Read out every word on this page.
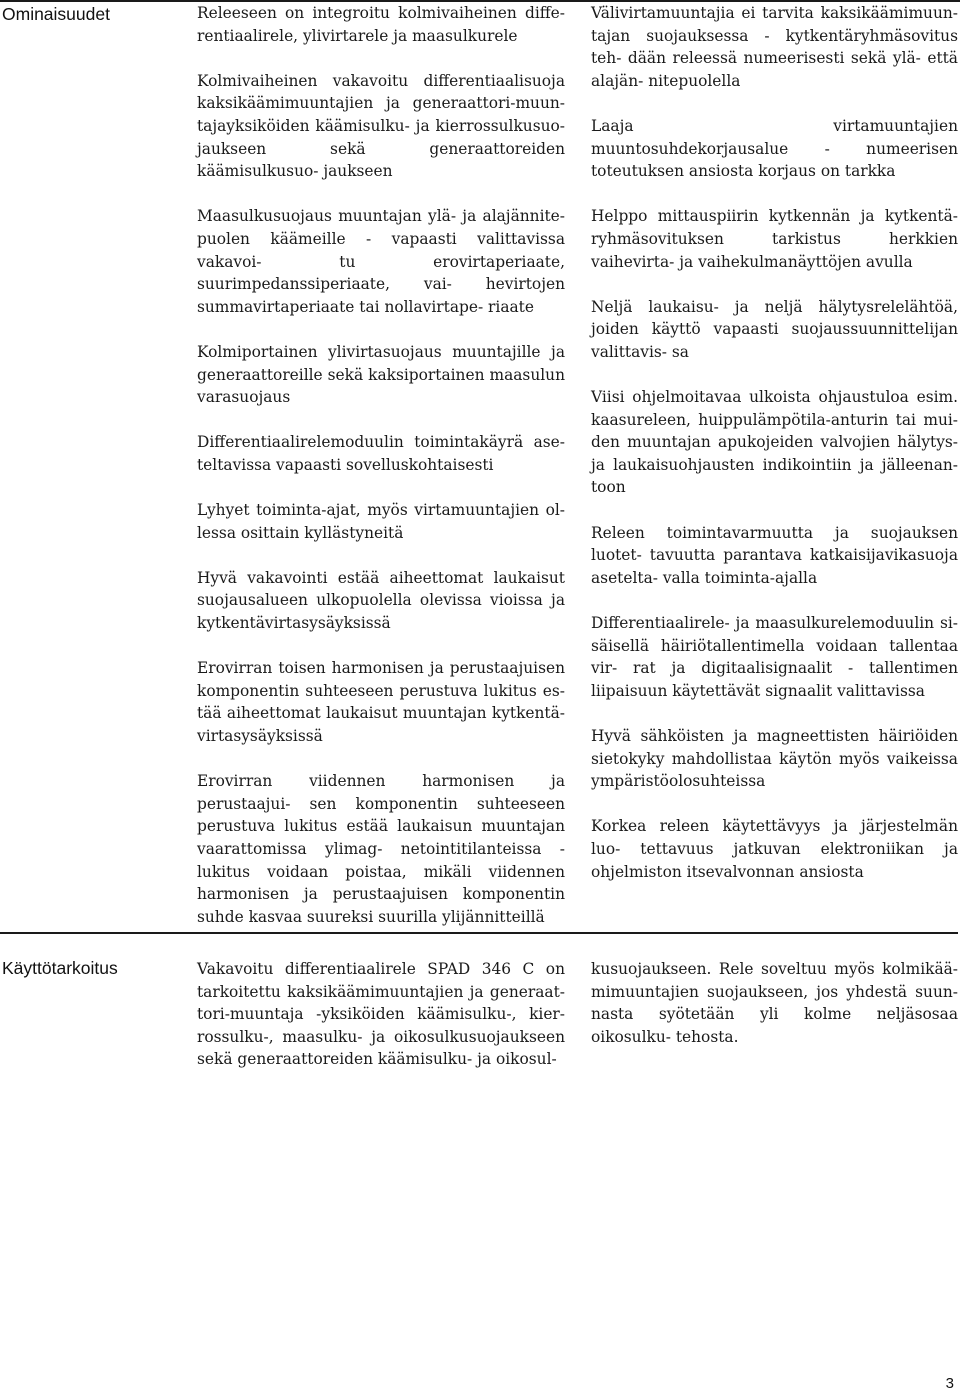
Ominaisuudet	Releeseen on integroitu kolmivaiheinen diffe- rentiaalirele, ylivirtarele ja maasulkurele

Kolmivaiheinen vakavoitu differentiaalisuoja kaksikäämimuuntajien ja generaattori-muun- tajayksiköiden käämisulku- ja kierrossulkusuo- jaukseen sekä generaattoreiden käämisulkusuo- jaukseen

Maasulkusuojaus muuntajan ylä- ja alajännite- puolen käämeille - vapaasti valittavissa vakavoi- tu erovirtaperiaate, suurimpedanssiperiaate, vai- hevirtojen summavirtaperiaate tai nollavirtape- riaate

Kolmiportainen ylivirtasuojaus muuntajille ja generaattoreille sekä kaksiportainen maasulun varasuojaus

Differentiaalirelemoduulin toimintakäyrä ase- teltavissa vapaasti sovelluskohtaisesti

Lyhyet toiminta-ajat, myös virtamuuntajien ol- lessa osittain kyllästyneitä

Hyvä vakavointi estää aiheettomat laukaisut suojausalueen ulkopuolella olevissa vioissa ja kytkentävirtasysäyksissä

Erovirran toisen harmonisen ja perustaajuisen komponentin suhteeseen perustuva lukitus es- tää aiheettomat laukaisut muuntajan kytkentä- virtasysäyksissä

Erovirran viidennen harmonisen ja perustaajui- sen komponentin suhteeseen perustuva lukitus estää laukaisun muuntajan vaarattomissa ylimag- netointitilanteissa - lukitus voidaan poistaa, mikäli viidennen harmonisen ja perustaajuisen komponentin suhde kasvaa suureksi suurilla ylijännitteillä

Välivirtamuuntajia ei tarvita kaksikäämimuun- tajan suojauksessa - kytkentäryhmäsovitus teh- dään releessä numeerisesti sekä ylä- että alajän- nitepuolella

Laaja virtamuuntajien muuntosuhdekorjausalue - numeerisen toteutuksen ansiosta korjaus on tarkka

Helppo mittauspiirin kytkennän ja kytkentä- ryhmäsovituksen tarkistus herkkien vaihevirta- ja vaihekulmanäyttöjen avulla

Neljä laukaisu- ja neljä hälytysrelelähtöä, joiden käyttö vapaasti suojaussuunnittelijan valittavis- sa

Viisi ohjelmoitavaa ulkoista ohjaustuloa esim. kaasureleen, huippulämpötila-anturin tai mui- den muuntajan apukojeiden valvojien hälytys- ja laukaisuohjausten indikointiin ja jälleenan- toon

Releen toimintavarmuutta ja suojauksen luotet- tavuutta parantava katkaisijavikasuoja asetelta- valla toiminta-ajalla

Differentiaalirele- ja maasulkurelemoduulin si- säisellä häiriötallentimella voidaan tallentaa vir- rat ja digitaalisignaalit - tallentimen liipaisuun käytettävät signaalit valittavissa

Hyvä sähköisten ja magneettisten häiriöiden sietokyky mahdollistaa käytön myös vaikeissa ympäristöolosuhteissa

Korkea releen käytettävyys ja järjestelmän luo- tettavuus jatkuvan elektroniikan ja ohjelmiston itsevalvonnan ansiosta

Käyttötarkoitus	Vakavoitu differentiaalirele SPAD 346 C on tarkoitettu kaksikäämimuuntajien ja generaat- tori-muuntaja -yksiköiden käämisulku-, kier- rossulku-, maasulku- ja oikosulkusuojaukseen sekä generaattoreiden käämisulku- ja oikosul-

kusuojaukseen. Rele soveltuu myös kolmikää- mimuuntajien suojaukseen, jos yhdestä suun- nasta syötetään yli kolme neljäsosaa oikosulku- tehosta.

3
